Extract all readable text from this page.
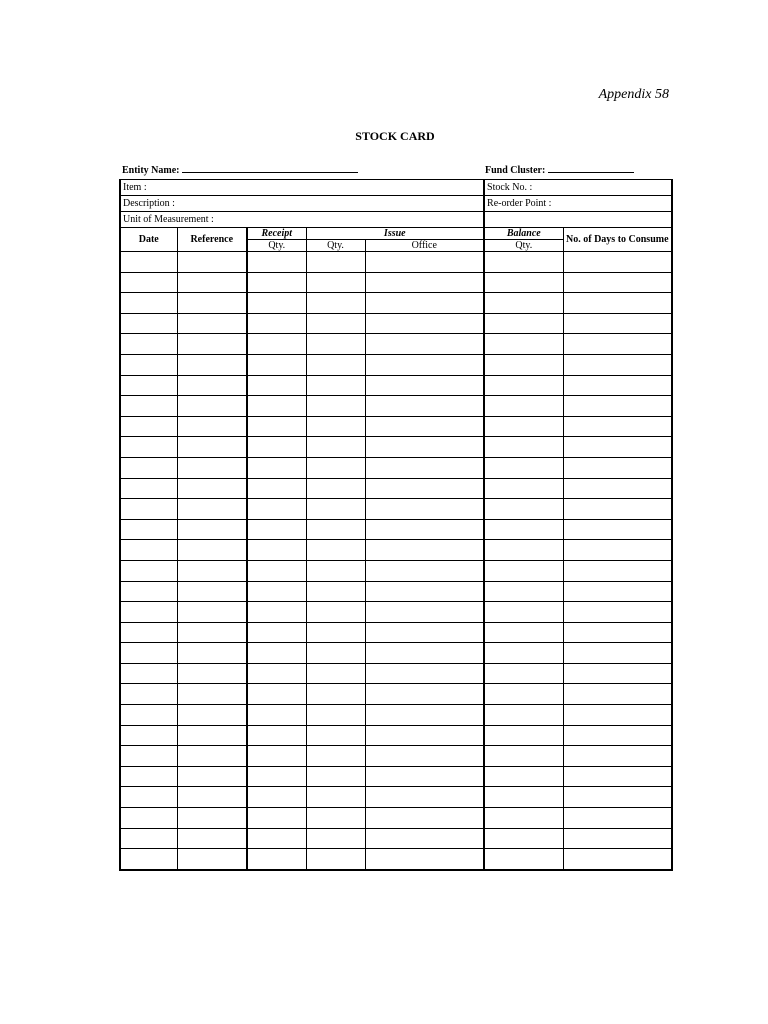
Appendix 58
STOCK CARD
Entity Name:	Fund Cluster:
Item :					Stock No. :	
Description :					Re-order Point :	
Unit of Measurement :						
Date	Reference	Receipt	Issue		Balance	No. of Days to Consume
		Qty.	Qty.	Office	Qty.	
